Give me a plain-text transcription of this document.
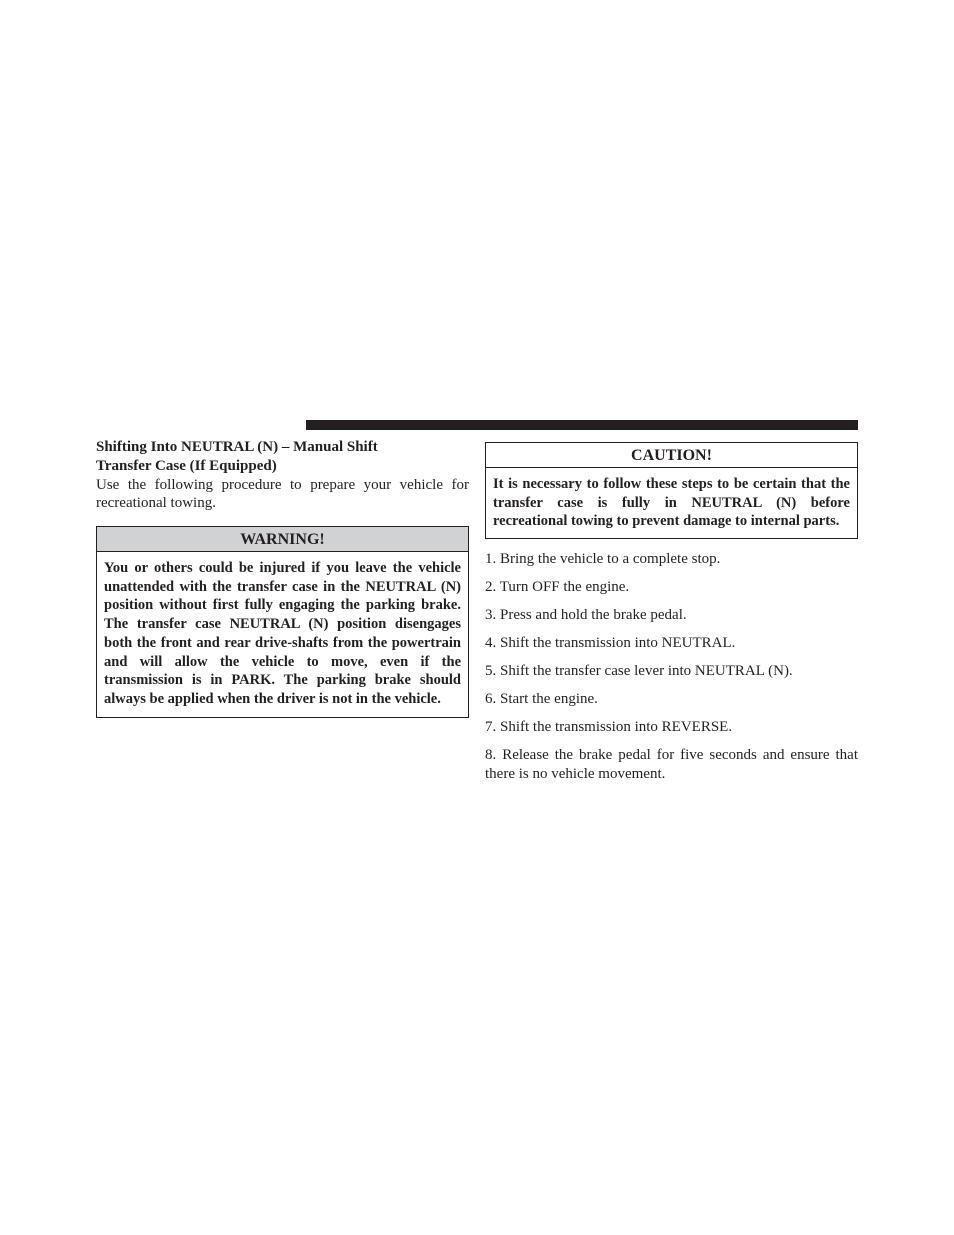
Shifting Into NEUTRAL (N) – Manual Shift
Transfer Case (If Equipped)

Use the following procedure to prepare your vehicle for recreational towing.

WARNING!
You or others could be injured if you leave the vehicle unattended with the transfer case in the NEUTRAL (N) position without first fully engaging the parking brake. The transfer case NEUTRAL (N) position disengages both the front and rear drive-shafts from the powertrain and will allow the vehicle to move, even if the transmission is in PARK. The parking brake should always be applied when the driver is not in the vehicle.
CAUTION!
It is necessary to follow these steps to be certain that the transfer case is fully in NEUTRAL (N) before recreational towing to prevent damage to internal parts.

1. Bring the vehicle to a complete stop.

2. Turn OFF the engine.

3. Press and hold the brake pedal.

4. Shift the transmission into NEUTRAL.

5. Shift the transfer case lever into NEUTRAL (N).

6. Start the engine.

7. Shift the transmission into REVERSE.

8. Release the brake pedal for five seconds and ensure that there is no vehicle movement.
